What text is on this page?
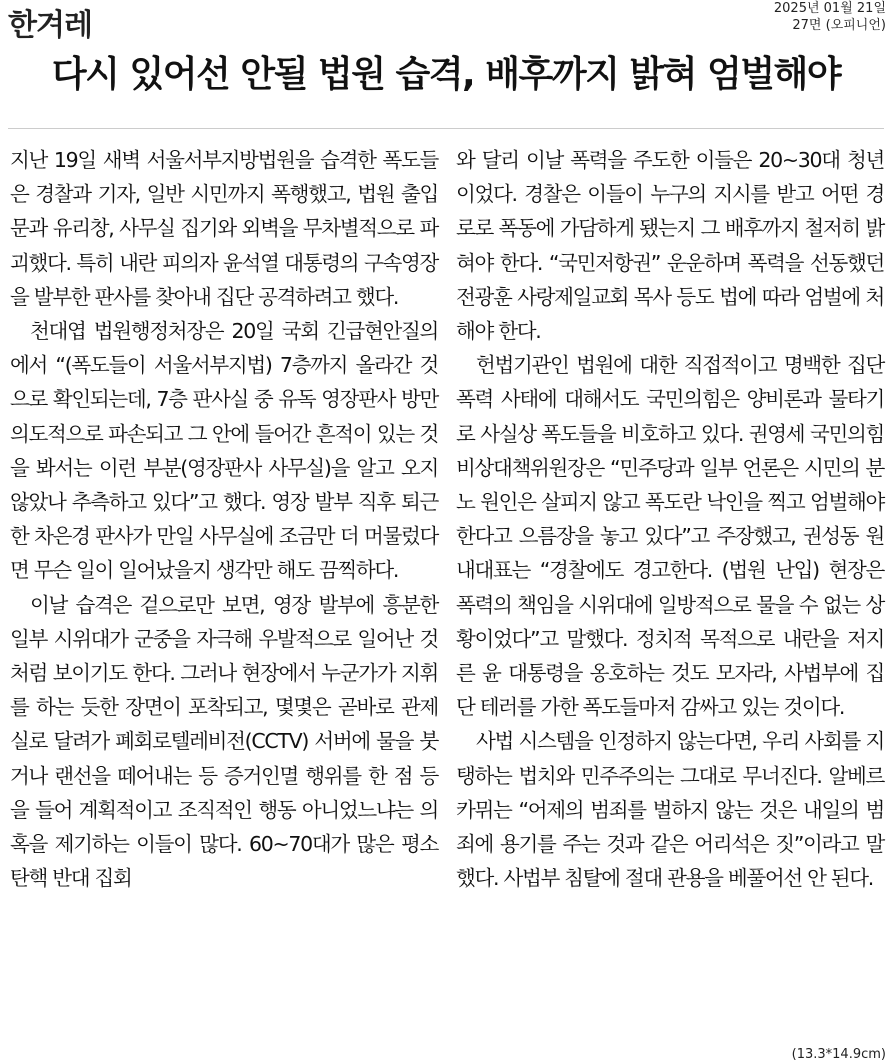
한겨레	2025년 01월 21일
27면 (오피니언)
다시 있어선 안될 법원 습격, 배후까지 밝혀 엄벌해야

지난 19일 새벽 서울서부지방법원을 습격한 폭도들은 경찰과 기자, 일반 시민까지 폭행했고, 법원 출입문과 유리창, 사무실 집기와 외벽을 무차별적으로 파괴했다. 특히 내란 피의자 윤석열 대통령의 구속영장을 발부한 판사를 찾아내 집단 공격하려고 했다.

천대엽 법원행정처장은 20일 국회 긴급현안질의에서 “(폭도들이 서울서부지법) 7층까지 올라간 것으로 확인되는데, 7층 판사실 중 유독 영장판사 방만 의도적으로 파손되고 그 안에 들어간 흔적이 있는 것을 봐서는 이런 부분(영장판사 사무실)을 알고 오지 않았나 추측하고 있다”고 했다. 영장 발부 직후 퇴근한 차은경 판사가 만일 사무실에 조금만 더 머물렀다면 무슨 일이 일어났을지 생각만 해도 끔찍하다.

이날 습격은 겉으로만 보면, 영장 발부에 흥분한 일부 시위대가 군중을 자극해 우발적으로 일어난 것처럼 보이기도 한다. 그러나 현장에서 누군가가 지휘를 하는 듯한 장면이 포착되고, 몇몇은 곧바로 관제실로 달려가 폐회로텔레비전(CCTV) 서버에 물을 붓거나 랜선을 떼어내는 등 증거인멸 행위를 한 점 등을 들어 계획적이고 조직적인 행동 아니었느냐는 의혹을 제기하는 이들이 많다. 60~70대가 많은 평소 탄핵 반대 집회

와 달리 이날 폭력을 주도한 이들은 20~30대 청년이었다. 경찰은 이들이 누구의 지시를 받고 어떤 경로로 폭동에 가담하게 됐는지 그 배후까지 철저히 밝혀야 한다. “국민저항권” 운운하며 폭력을 선동했던 전광훈 사랑제일교회 목사 등도 법에 따라 엄벌에 처해야 한다.

헌법기관인 법원에 대한 직접적이고 명백한 집단 폭력 사태에 대해서도 국민의힘은 양비론과 물타기로 사실상 폭도들을 비호하고 있다. 권영세 국민의힘 비상대책위원장은 “민주당과 일부 언론은 시민의 분노 원인은 살피지 않고 폭도란 낙인을 찍고 엄벌해야 한다고 으름장을 놓고 있다”고 주장했고, 권성동 원내대표는 “경찰에도 경고한다. (법원 난입) 현장은 폭력의 책임을 시위대에 일방적으로 물을 수 없는 상황이었다”고 말했다. 정치적 목적으로 내란을 저지른 윤 대통령을 옹호하는 것도 모자라, 사법부에 집단 테러를 가한 폭도들마저 감싸고 있는 것이다.

사법 시스템을 인정하지 않는다면, 우리 사회를 지탱하는 법치와 민주주의는 그대로 무너진다. 알베르 카뮈는 “어제의 범죄를 벌하지 않는 것은 내일의 범죄에 용기를 주는 것과 같은 어리석은 짓”이라고 말했다. 사법부 침탈에 절대 관용을 베풀어선 안 된다.

(13.3*14.9cm)
